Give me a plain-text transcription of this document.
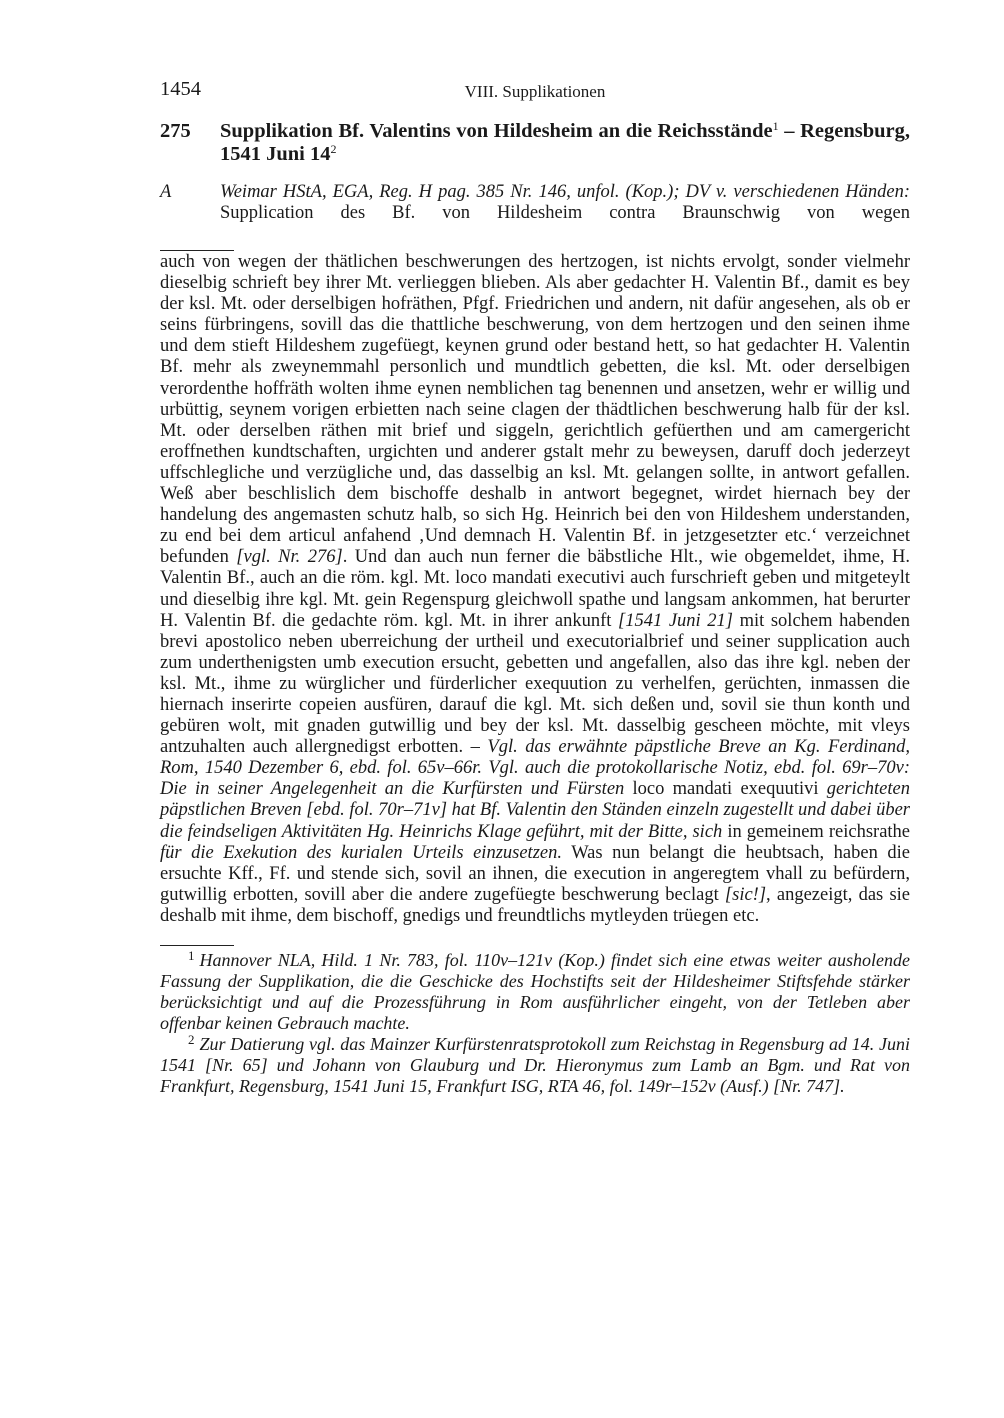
1454	VIII. Supplikationen
275 Supplikation Bf. Valentins von Hildesheim an die Reichsstände$^1$ – Regensburg, 1541 Juni $14^2$
A	Weimar HStA, EGA, Reg. H pag. 385 Nr. 146, unfol. (Kop.); DV v. verschiedenen Händen: Supplication des Bf. von Hildesheim contra Braunschwig von wegen
auch von wegen der thätlichen beschwerungen des hertzogen, ist nichts ervolgt, sonder vielmehr dieselbig schrieft bey ihrer Mt. verlieggen blieben. Als aber gedachter H. Valentin Bf., damit es bey der ksl. Mt. oder derselbigen hofräthen, Pfgf. Friedrichen und andern, nit dafür angesehen, als ob er seins fürbringens, sovill das die thattliche beschwerung, von dem hertzogen und den seinen ihme und dem stieft Hildeshem zugefüegt, keynen grund oder bestand hett, so hat gedachter H. Valentin Bf. mehr als zweynemmahl personlich und mundtlich gebetten, die ksl. Mt. oder derselbigen verordenthe hoffräth wolten ihme eynen nemblichen tag benennen und ansetzen, wehr er willig und urbüttig, seynem vorigen erbietten nach seine clagen der thädtlichen beschwerung halb für der ksl. Mt. oder derselben räthen mit brief und siggeln, gerichtlich gefüerthen und am camergericht eroffnethen kundtschaften, urgichten und anderer gstalt mehr zu beweysen, daruff doch jederzeyt uffschlegliche und verzügliche und, das dasselbig an ksl. Mt. gelangen sollte, in antwort gefallen. Weß aber beschlislich dem bischoffe deshalb in antwort begegnet, wirdet hiernach bey der handelung des angemasten schutz halb, so sich Hg. Heinrich bei den von Hildeshem understanden, zu end bei dem articul anfahend ‚Und demnach H. Valentin Bf. in jetzgesetzter etc.‘ verzeichnet befunden [vgl. Nr. 276]. Und dan auch nun ferner die bäbstliche Hlt., wie obgemeldet, ihme, H. Valentin Bf., auch an die röm. kgl. Mt. loco mandati executivi auch furschrieft geben und mitgeteylt und dieselbig ihre kgl. Mt. gein Regenspurg gleichwoll spathe und langsam ankommen, hat berurter H. Valentin Bf. die gedachte röm. kgl. Mt. in ihrer ankunft [1541 Juni 21] mit solchem habenden brevi apostolico neben uberreichung der urtheil und executorialbrief und seiner supplication auch zum underthenigsten umb execution ersucht, gebetten und angefallen, also das ihre kgl. neben der ksl. Mt., ihme zu würglicher und fürderlicher exequution zu verhelfen, gerüchten, inmassen die hiernach inserirte copeien ausfüren, darauf die kgl. Mt. sich deßen und, sovil sie thun konth und gebüren wolt, mit gnaden gutwillig und bey der ksl. Mt. dasselbig gescheen möchte, mit vleys antzuhalten auch allergnedigst erbotten. – Vgl. das erwähnte päpstliche Breve an Kg. Ferdinand, Rom, 1540 Dezember 6, ebd. fol. 65v–66r. Vgl. auch die protokollarische Notiz, ebd. fol. 69r–70v: Die in seiner Angelegenheit an die Kurfürsten und Fürsten loco mandati exequutivi gerichteten päpstlichen Breven [ebd. fol. 70r–71v] hat Bf. Valentin den Ständen einzeln zugestellt und dabei über die feindseligen Aktivitäten Hg. Heinrichs Klage geführt, mit der Bitte, sich in gemeinem reichsrathe für die Exekution des kurialen Urteils einzusetzen. Was nun belangt die heubtsach, haben die ersuchte Kff., Ff. und stende sich, sovil an ihnen, die execution in angeregtem vhall zu befürdern, gutwillig erbotten, sovill aber die andere zugefüegte beschwerung beclagt [sic!], angezeigt, das sie deshalb mit ihme, dem bischoff, gnedigs und freundtlichs mytleyden trüegen etc.

$^1$ Hannover NLA, Hild. 1 Nr. 783, fol. 110v–121v (Kop.) findet sich eine etwas weiter ausholende Fassung der Supplikation, die die Geschicke des Hochstifts seit der Hildesheimer Stiftsfehde stärker berücksichtigt und auf die Prozessführung in Rom ausführlicher eingeht, von der Tetleben aber offenbar keinen Gebrauch machte.

$^2$ Zur Datierung vgl. das Mainzer Kurfürstenratsprotokoll zum Reichstag in Regensburg ad 14. Juni 1541 [Nr. 65] und Johann von Glauburg und Dr. Hieronymus zum Lamb an Bgm. und Rat von Frankfurt, Regensburg, 1541 Juni 15, Frankfurt ISG, RTA 46, fol. 149r–152v (Ausf.) [Nr. 747].
